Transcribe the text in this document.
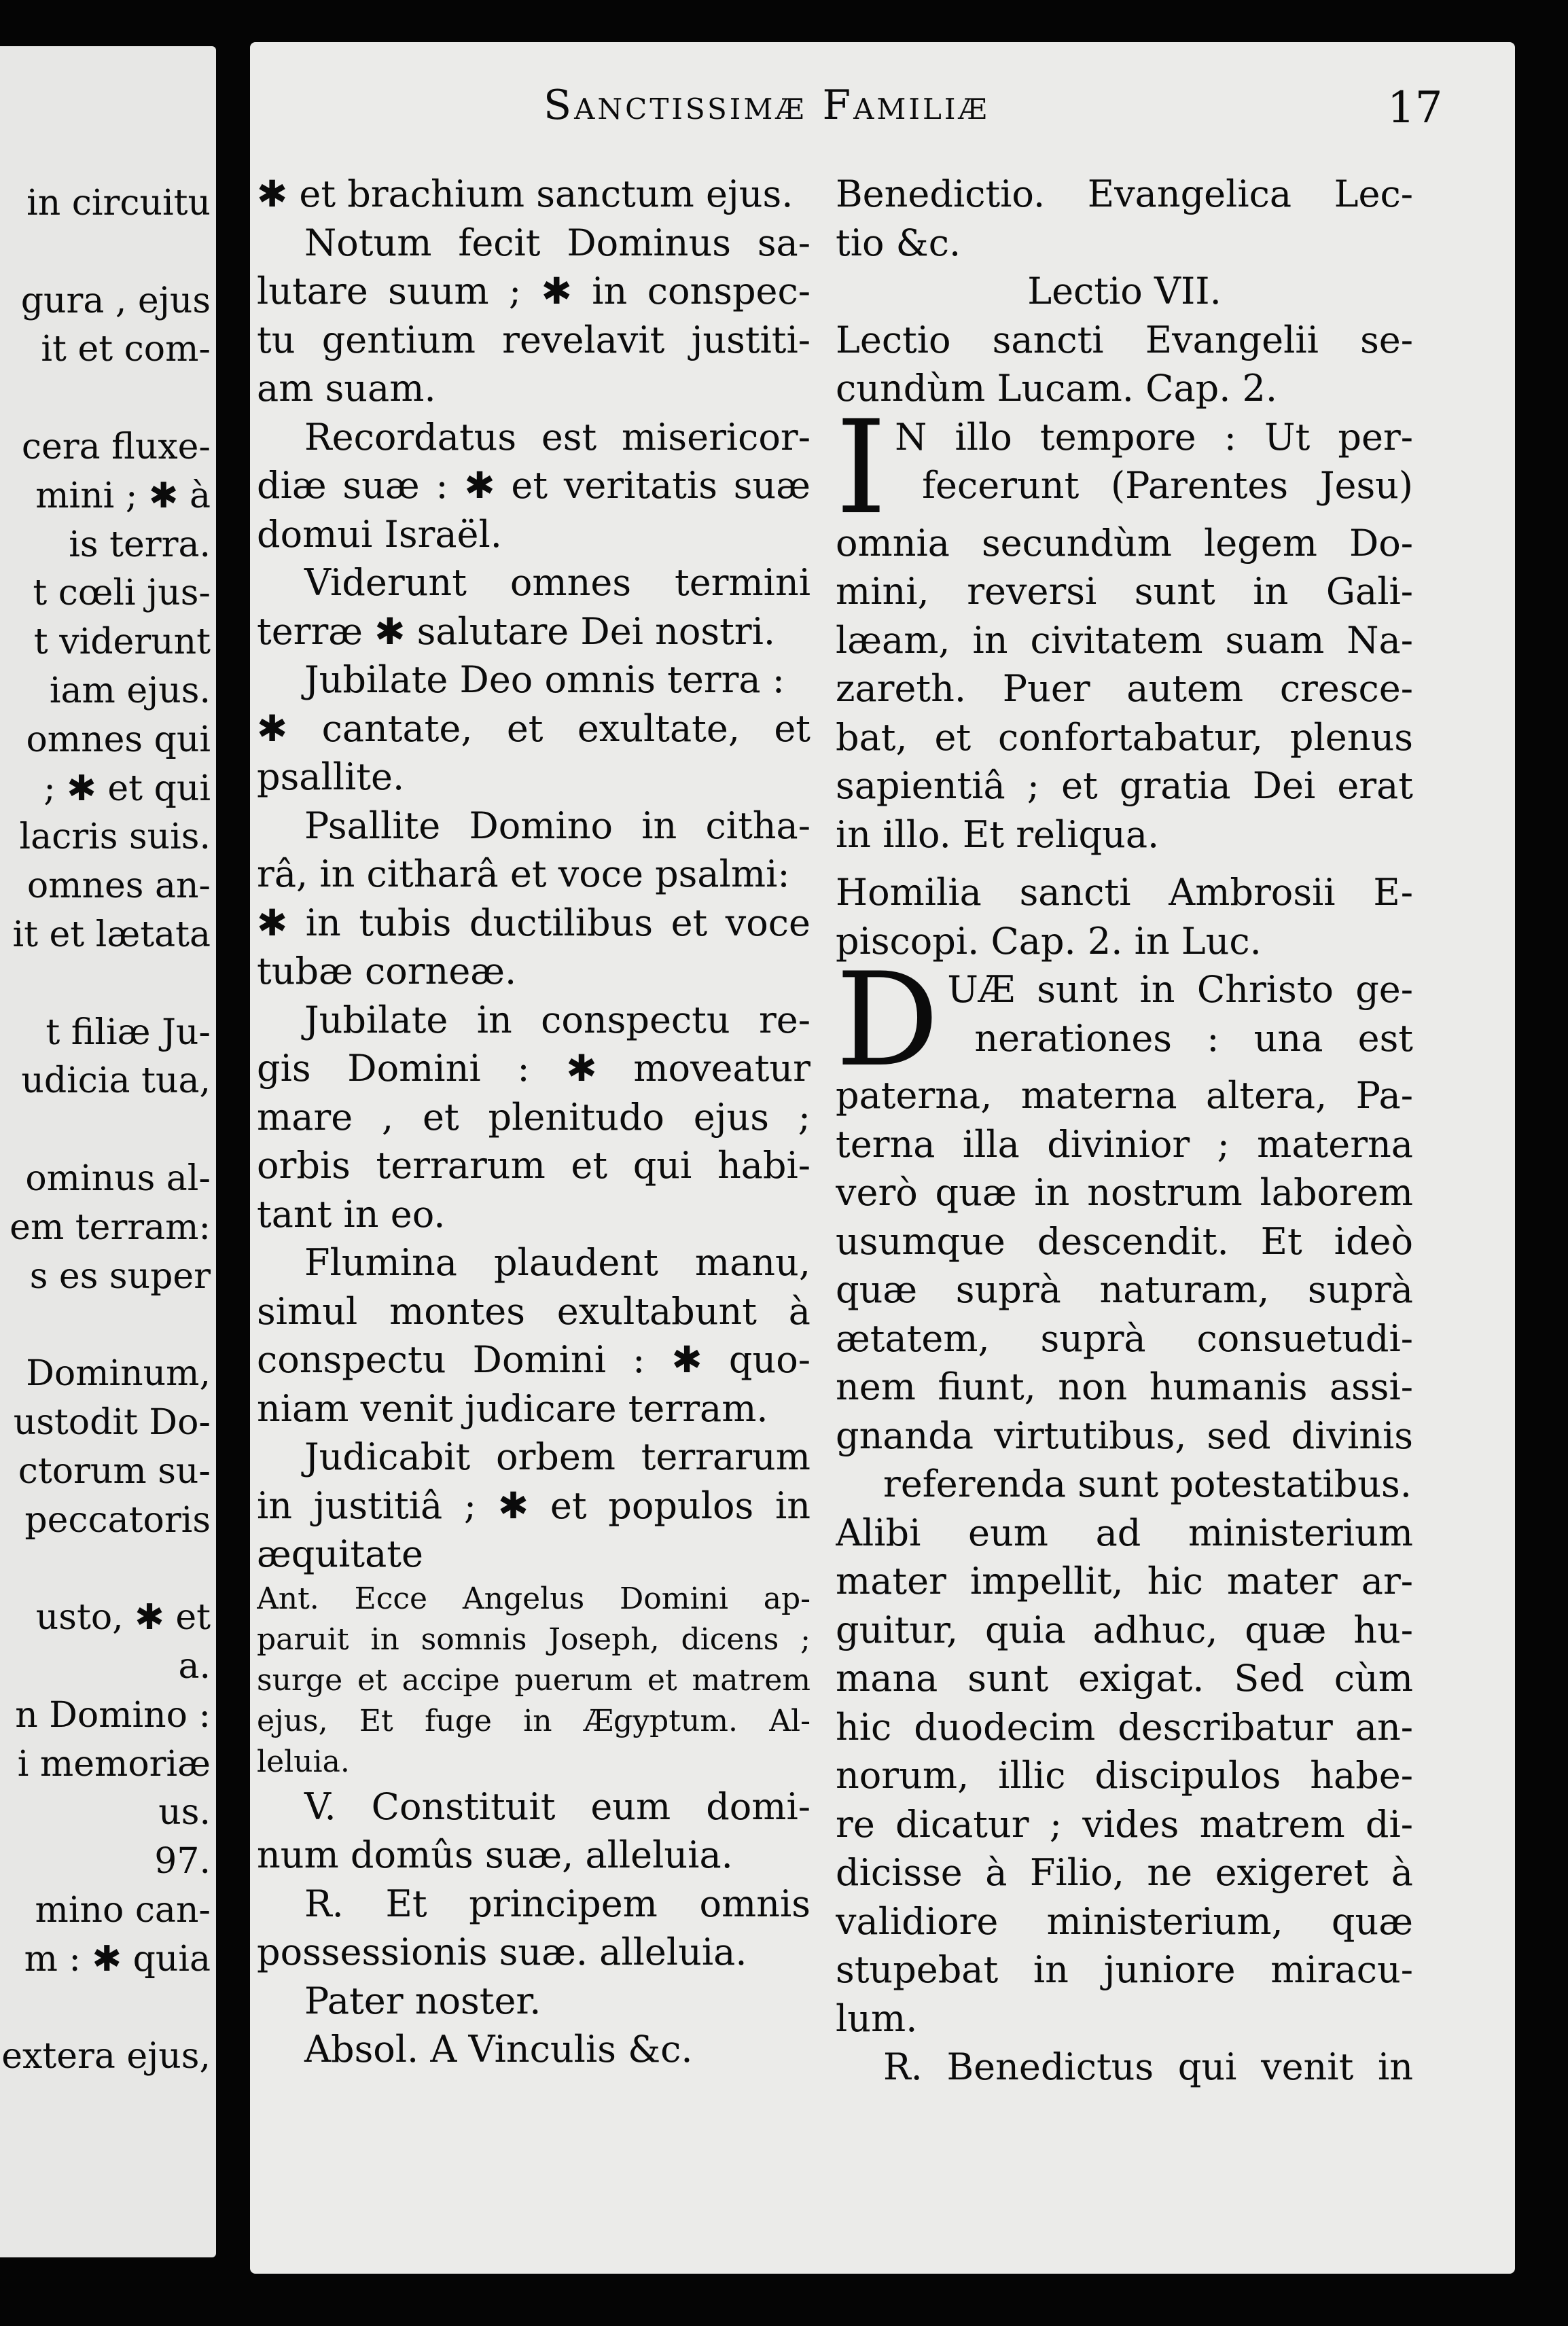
in circuitu
gura , ejus
it et com-
cera fluxe-
mini ; ✱ à
is terra.
t cœli jus-
t viderunt
iam ejus.
omnes qui
; ✱ et qui
lacris suis.
omnes an-
it et lætata
t filiæ Ju-
udicia tua,
ominus al-
em terram:
s es super
Dominum,
ustodit Do-
ctorum su-
peccatoris
usto, ✱ et
a.
n Domino :
i memoriæ
us.
97.
mino can-
m : ✱ quia
extera ejus,
Sanctissimæ Familiæ	17
✱ et brachium sanctum ejus.
Notum fecit Dominus sa-
lutare suum ; ✱ in conspec-
tu gentium revelavit justiti-
am suam.
Recordatus est misericor-
diæ suæ : ✱ et veritatis suæ
domui Israël.
Viderunt omnes termini
terræ ✱ salutare Dei nostri.
Jubilate Deo omnis terra :
✱ cantate, et exultate, et
psallite.
Psallite Domino in citha-
râ, in citharâ et voce psalmi:
✱ in tubis ductilibus et voce
tubæ corneæ.
Jubilate in conspectu re-
gis Domini : ✱ moveatur
mare , et plenitudo ejus ;
orbis terrarum et qui habi-
tant in eo.
Flumina plaudent manu,
simul montes exultabunt à
conspectu Domini : ✱ quo-
niam venit judicare terram.
Judicabit orbem terrarum
in justitiâ ; ✱ et populos in
æquitate
Ant. Ecce Angelus Domini ap-
paruit in somnis Joseph, dicens ;
surge et accipe puerum et matrem
ejus, Et fuge in Ægyptum. Al-
leluia.
V. Constituit eum domi-
num domûs suæ, alleluia.
R. Et principem omnis
possessionis suæ. alleluia.
Pater noster.
Absol. A Vinculis &c.
Benedictio. Evangelica Lec-
tio &c.
Lectio VII.
Lectio sancti Evangelii se-
cundùm Lucam. Cap. 2.
I N illo tempore : Ut per-
fecerunt (Parentes Jesu)
omnia secundùm legem Do-
mini, reversi sunt in Gali-
læam, in civitatem suam Na-
zareth. Puer autem cresce-
bat, et confortabatur, plenus
sapientiâ ; et gratia Dei erat
in illo. Et reliqua.
Homilia sancti Ambrosii E-
piscopi. Cap. 2. in Luc.
D UÆ sunt in Christo ge-
nerationes : una est
paterna, materna altera, Pa-
terna illa divinior ; materna
verò quæ in nostrum laborem
usumque descendit. Et ideò
quæ suprà naturam, suprà
ætatem, suprà consuetudi-
nem fiunt, non humanis assi-
gnanda virtutibus, sed divinis
referenda sunt potestatibus.
Alibi eum ad ministerium
mater impellit, hic mater ar-
guitur, quia adhuc, quæ hu-
mana sunt exigat. Sed cùm
hic duodecim describatur an-
norum, illic discipulos habe-
re dicatur ; vides matrem di-
dicisse à Filio, ne exigeret à
validiore ministerium, quæ
stupebat in juniore miracu-
lum.
R. Benedictus qui venit in
